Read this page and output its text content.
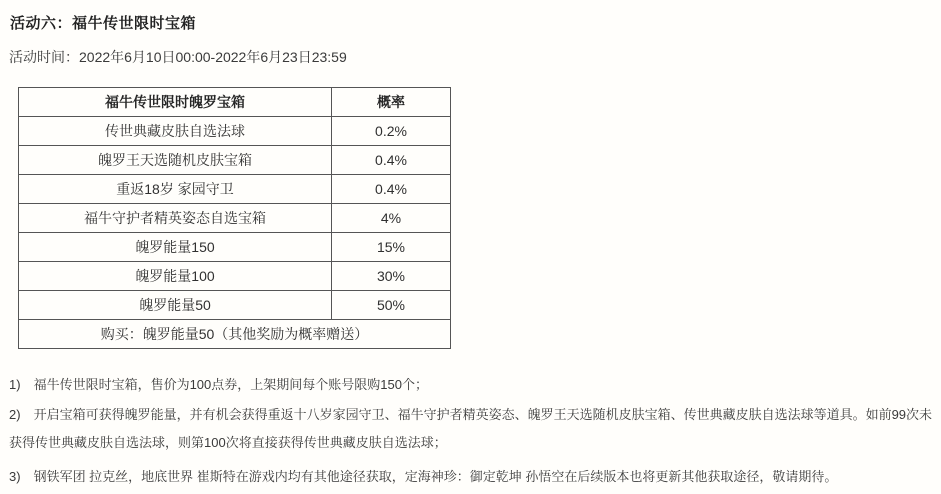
活动六：福牛传世限时宝箱
活动时间：2022年6月10日00:00-2022年6月23日23:59
福牛传世限时魄罗宝箱	概率
传世典藏皮肤自选法球	0.2%
魄罗王天选随机皮肤宝箱	0.4%
重返18岁 家园守卫	0.4%
福牛守护者精英姿态自选宝箱	4%
魄罗能量150	15%
魄罗能量100	30%
魄罗能量50	50%
购买：魄罗能量50（其他奖励为概率赠送）	

1) 福牛传世限时宝箱，售价为100点券，上架期间每个账号限购150个；

2) 开启宝箱可获得魄罗能量，并有机会获得重返十八岁家园守卫、福牛守护者精英姿态、魄罗王天选随机皮肤宝箱、传世典藏皮肤自选法球等道具。如前99次未获得传世典藏皮肤自选法球，则第100次将直接获得传世典藏皮肤自选法球；

3) 钢铁军团 拉克丝，地底世界 崔斯特在游戏内均有其他途径获取，定海神珍：御定乾坤 孙悟空在后续版本也将更新其他获取途径，敬请期待。
